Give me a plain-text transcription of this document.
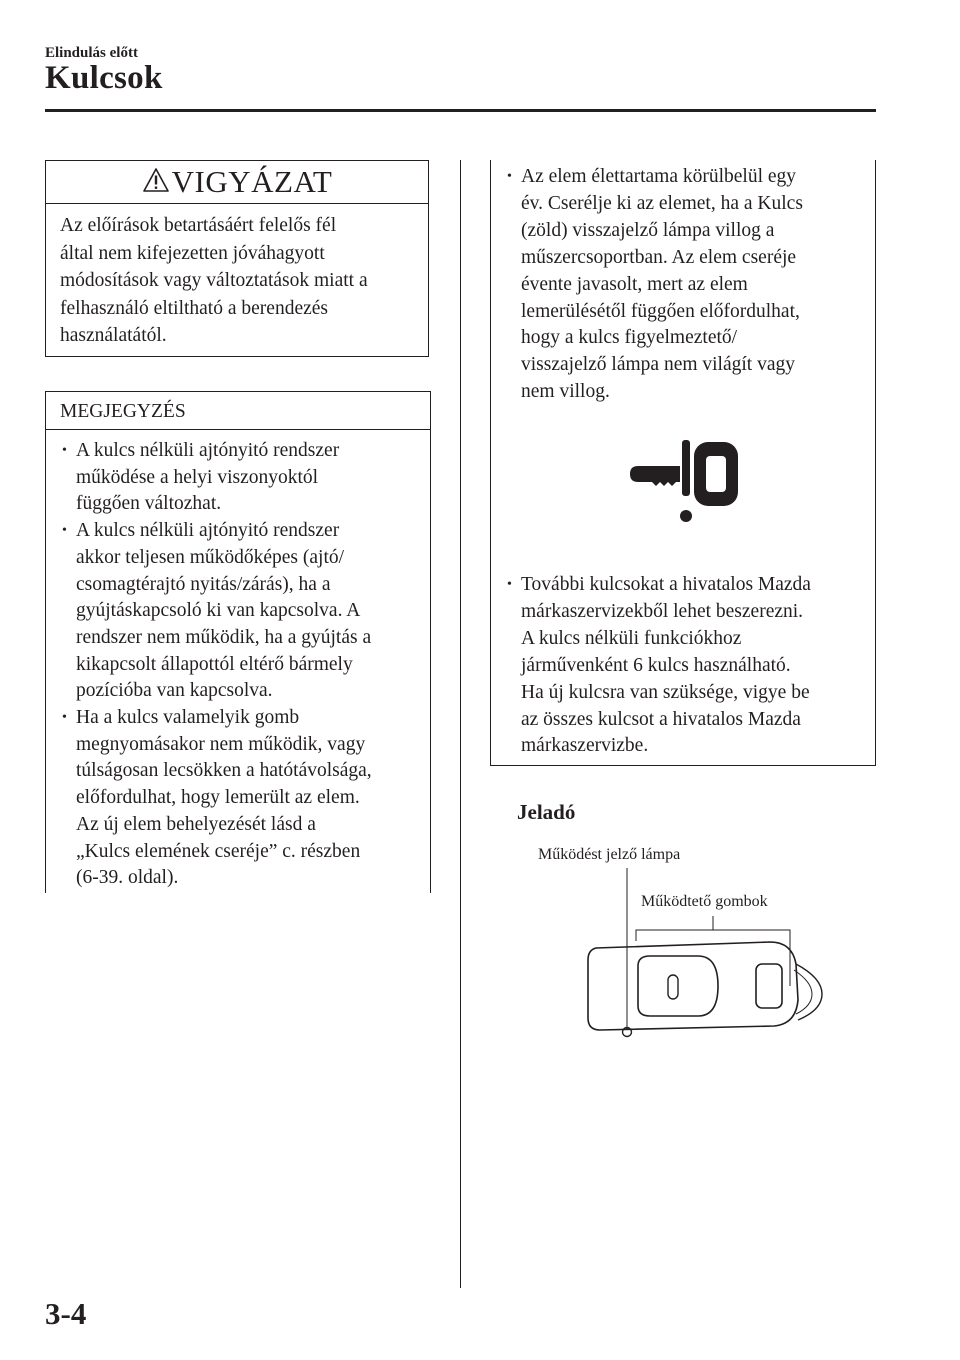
Elindulás előtt
Kulcsok
VIGYÁZAT
Az előírások betartásáért felelős fél
által nem kifejezetten jóváhagyott
módosítások vagy változtatások miatt a
felhasználó eltiltható a berendezés
használatától.
MEGJEGYZÉS
• A kulcs nélküli ajtónyitó rendszer
működése a helyi viszonyoktól
függően változhat.
• A kulcs nélküli ajtónyitó rendszer
akkor teljesen működőképes (ajtó/
csomagtérajtó nyitás/zárás), ha a
gyújtáskapcsoló ki van kapcsolva. A
rendszer nem működik, ha a gyújtás a
kikapcsolt állapottól eltérő bármely
pozícióba van kapcsolva.
• Ha a kulcs valamelyik gomb
megnyomásakor nem működik, vagy
túlságosan lecsökken a hatótávolsága,
előfordulhat, hogy lemerült az elem.
Az új elem behelyezését lásd a
„Kulcs elemének cseréje” c. részben
(6-39. oldal).
• Az elem élettartama körülbelül egy
év. Cserélje ki az elemet, ha a Kulcs
(zöld) visszajelző lámpa villog a
műszercsoportban. Az elem cseréje
évente javasolt, mert az elem
lemerülésétől függően előfordulhat,
hogy a kulcs figyelmeztető/
visszajelző lámpa nem világít vagy
nem villog.
• További kulcsokat a hivatalos Mazda
márkaszervizekből lehet beszerezni.
A kulcs nélküli funkciókhoz
járművenként 6 kulcs használható.
Ha új kulcsra van szüksége, vigye be
az összes kulcsot a hivatalos Mazda
márkaszervizbe.
Jeladó
Működést jelző lámpa
Működtető gombok
3-4
